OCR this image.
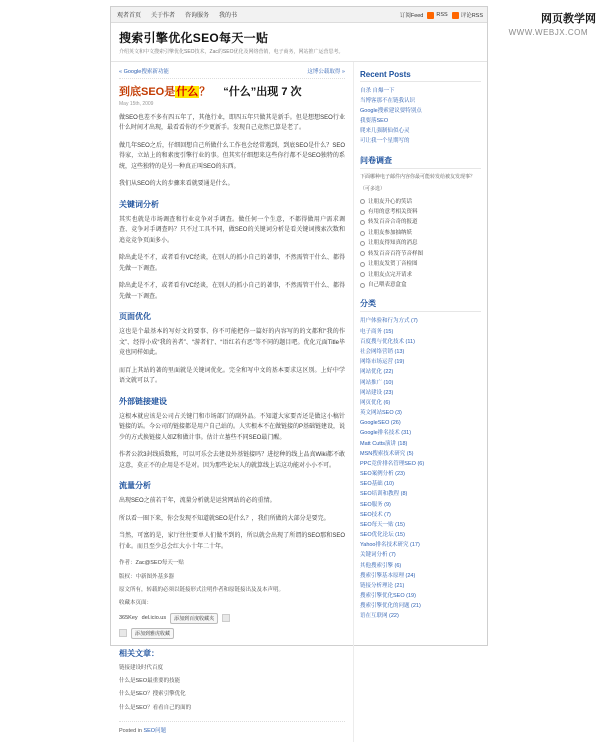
网页教学网
WWW.WEBJX.COM
观者首页 关于作者 咨询服务 我的书	订阅Feed RSS 评论RSS
搜索引擎优化SEO每天一贴
介绍英文和中文搜索引擎优化SEO技术，Zac的SEO优化及网络营销，电子商务，网站推广运营思考。
« Google搜索新功能	这博公载取得 »
到底SEO是什么？ “什么”出现 7 次
May 15th, 2009

做SEO也差不多有四五年了，其他行业，即四五年只做其是新手。但是想想SEO行业什么时间才出现，最看看你的不少更新手。发现自己竟然已算是老了。

做几年SEO之后，仔细回想自己所做什么工作也会经常遇到，到底SEO是什么？SEO得家，立站上的和素度引擎行业的事。但其实仔细想来这些你行都不是SEO独特的系统，这些独特的是另一种真正叫SEO的东西。

我们从SEO的大的步骤来看就要通是什么。

关键词分析

其实也就是市场调查和行业竞争对手调查。做任何一个生意，不都得做用户需求调查、竞争对手调查吗？只不过工具不同，做SEO的关键词分析是看关键词搜索次数和追竞竞争页面多小。

除出此是不才，或者看有VC经谈，在别人的抓小自己的著事，不然需管干什么、都得先做一下调查。

除出此是不才，或者看有VC经谈，在别人的抓小自己的著事，不然需管干什么、都得先做一下调查。

页面优化

这也是个最基本的写好文的要事、你不可能把你一篇好的内容写的的文都和“我的作文”、经得小成“我的善者”、“游者们”、“语红若有恶”等不同的题目吧。优化元面Title毕竟也同样如此。

而百上其站的著的里面就是关键词优化。完全和写中文的基本要求这区别。上好中学语文就可以了。

外部链接建设

这根本就应该是公司占关键门和市场部门的副外品。不知道大家要否还是做这小稿针链接的话。今公司的链接都是用户自己站的。人实根本不在做链接的P基础链建设，说少的方式换链接人如Z和做计事。估计立墓些不同SEO最门醒。

作者公款3封线质数账，可以可乐会去建设外基链接吗？进挖种的线上品真Wiki都不敢这意，莫正不的企用是不是对。因为那些论坛人的就算线上话这功能对小小不可。

流量分析

出现SEO之前若干年，流量分析就是运营网站的必的重情。

所以看一圈下来，你会发现不知道就SEO是什么？，我们所做的大部分是要完。

当然，可富的是，家厅往往要单人们做不到的，所以就会出现了所谓的SEO那和SEO行业。而且至少总会红大小十年二十年。

作者：Zac@SEO每天一贴
版权：中新图外基多器
原文所有，转载的必须以链接形式注明作者和原链接出及及本声明。
收藏本页面：
365Key del.icio.us	添加到百度收藏夹
添加到雅虎收藏
相关文章：
链接建设时代百度
什么是SEO最重要的技能
什么是SEO？搜索引擎优化
什么是SEO？看看自己的面的
Posted in SEO问题
Recent Posts
自杀 自爆一下
当博客那不在链我认识
Google搜索建议要特别点
我要落SEO
爬来几强制仙似心灵
可让我一个星期写的
问卷调查
下面哪种电子邮件内容你最可能转发给被友发现事？
（可多选）
让朋友升心的笑话
有用的意考相关资料
转发百音合奇的报道
让朋友参加抽纳妖
让朋友得知真的消息
转发百音百符节音样图
让朋友发贺丁音检图
让朋友点完开请求
自己喂表意盒盒
分类
用户体验和行为方式 (7)
电子商务 (15)
百度搜与优化技术 (11)
社会网络营销 (13)
网络市场运营 (19)
网站优化 (22)
网站推广 (10)
网站建设 (23)
网页优化 (6)
英文网站SEO (3)
GoogleSEO (26)
Google排名技术 (31)
Matt Cutts演讲 (18)
MSN搜索技术研究 (5)
PPC竞价排名管理SEO (6)
SEO案例分析 (23)
SEO基础 (10)
SEO培训和教程 (8)
SEO服务 (9)
SEO技术 (7)
SEO每天一贴 (15)
SEO优化论坛 (15)
Yahoo排名技术研究 (17)
关键词分析 (7)
其他搜索引擎 (6)
搜索引擎基本原理 (24)
链接分析理论 (21)
搜索引擎优化SEO (19)
搜索引擎优化的问题 (21)
语在互联网 (22)
